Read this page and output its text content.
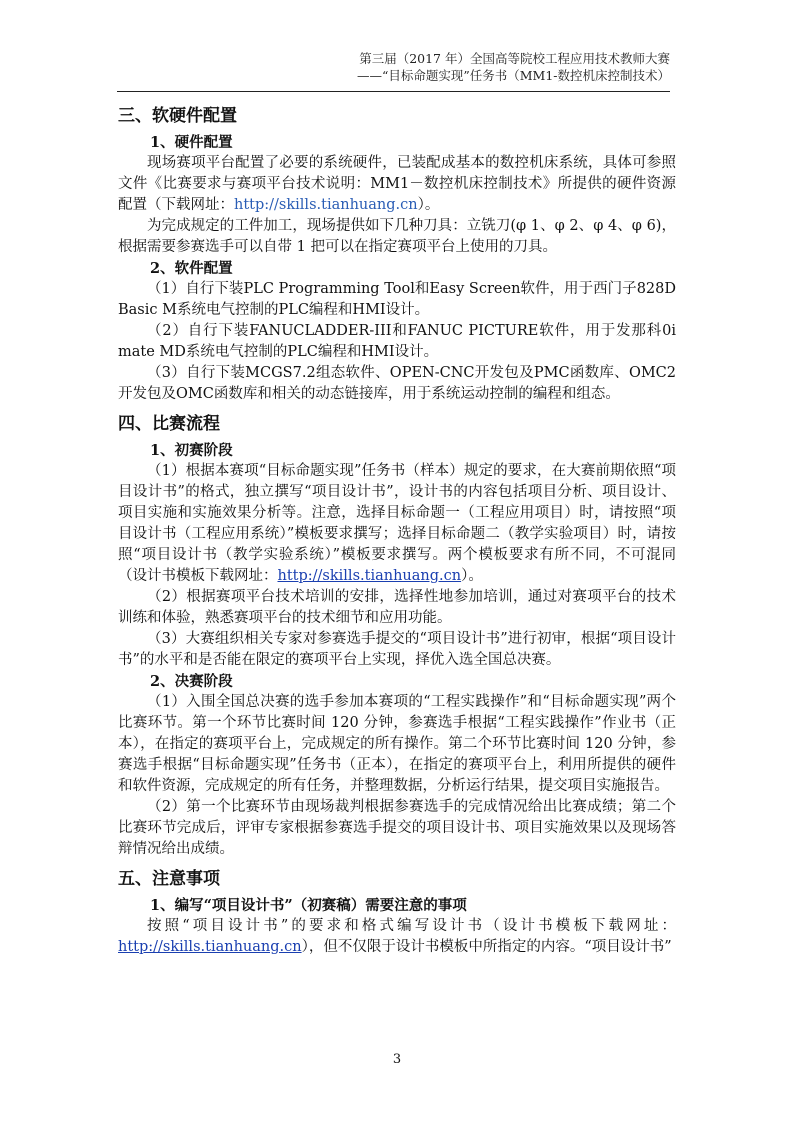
第三届（2017 年）全国高等院校工程应用技术教师大赛
——“目标命题实现”任务书（MM1-数控机床控制技术）
三、软硬件配置
1、硬件配置

现场赛项平台配置了必要的系统硬件，已装配成基本的数控机床系统，具体可参照文件《比赛要求与赛项平台技术说明：MM1－数控机床控制技术》所提供的硬件资源配置（下载网址：http://skills.tianhuang.cn）。

为完成规定的工件加工，现场提供如下几种刀具：立铣刀(φ 1、φ 2、φ 4、φ 6)，根据需要参赛选手可以自带 1 把可以在指定赛项平台上使用的刀具。

2、软件配置

（1）自行下装PLC Programming Tool和Easy Screen软件，用于西门子828D Basic M系统电气控制的PLC编程和HMI设计。

（2）自行下装FANUCLADDER-III和FANUC PICTURE软件，用于发那科0i mate MD系统电气控制的PLC编程和HMI设计。

（3）自行下装MCGS7.2组态软件、OPEN-CNC开发包及PMC函数库、OMC2开发包及OMC函数库和相关的动态链接库，用于系统运动控制的编程和组态。

四、比赛流程
1、初赛阶段

（1）根据本赛项“目标命题实现”任务书（样本）规定的要求，在大赛前期依照“项目设计书”的格式，独立撰写“项目设计书”，设计书的内容包括项目分析、项目设计、项目实施和实施效果分析等。注意，选择目标命题一（工程应用项目）时，请按照“项目设计书（工程应用系统）”模板要求撰写；选择目标命题二（教学实验项目）时，请按照“项目设计书（教学实验系统）”模板要求撰写。两个模板要求有所不同，不可混同（设计书模板下载网址：http://skills.tianhuang.cn）。

（2）根据赛项平台技术培训的安排，选择性地参加培训，通过对赛项平台的技术训练和体验，熟悉赛项平台的技术细节和应用功能。

（3）大赛组织相关专家对参赛选手提交的“项目设计书”进行初审，根据“项目设计书”的水平和是否能在限定的赛项平台上实现，择优入选全国总决赛。

2、决赛阶段

（1）入围全国总决赛的选手参加本赛项的“工程实践操作”和“目标命题实现”两个比赛环节。第一个环节比赛时间 120 分钟，参赛选手根据“工程实践操作”作业书（正本），在指定的赛项平台上，完成规定的所有操作。第二个环节比赛时间 120 分钟，参赛选手根据“目标命题实现”任务书（正本），在指定的赛项平台上，利用所提供的硬件和软件资源，完成规定的所有任务，并整理数据，分析运行结果，提交项目实施报告。

（2）第一个比赛环节由现场裁判根据参赛选手的完成情况给出比赛成绩；第二个比赛环节完成后，评审专家根据参赛选手提交的项目设计书、项目实施效果以及现场答辩情况给出成绩。

五、注意事项
1、编写“项目设计书”（初赛稿）需要注意的事项

按照“项目设计书”的要求和格式编写设计书（设计书模板下载网址：http://skills.tianhuang.cn），但不仅限于设计书模板中所指定的内容。“项目设计书”

3
